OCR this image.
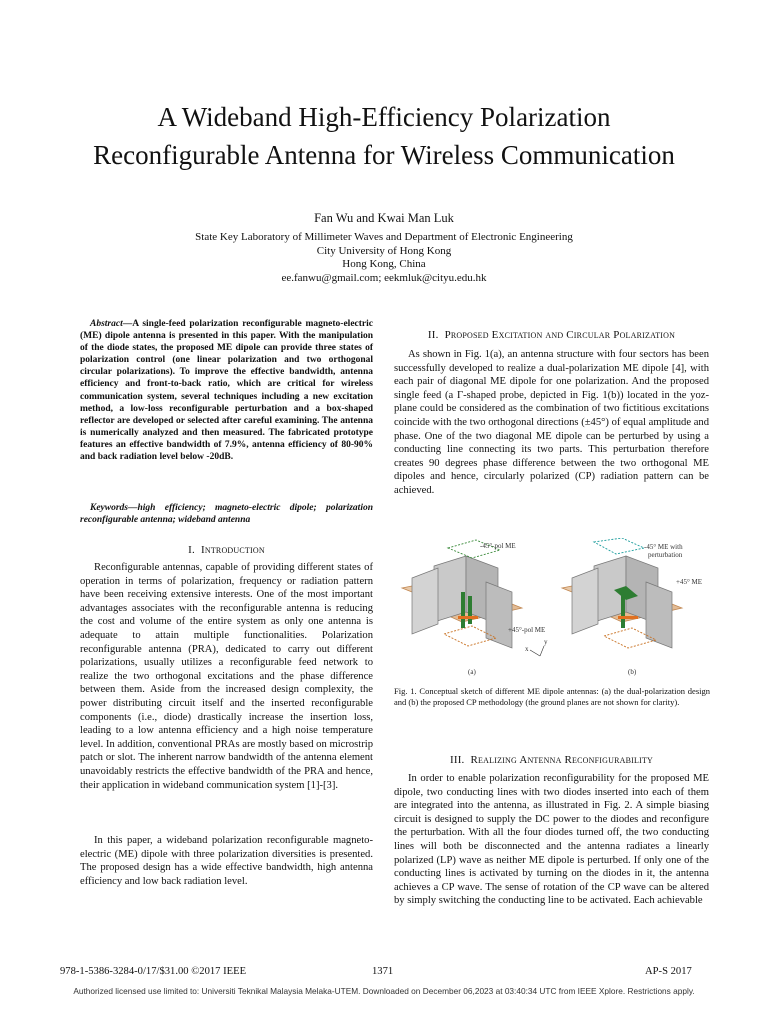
A Wideband High-Efficiency Polarization
Reconfigurable Antenna for Wireless Communication
Fan Wu and Kwai Man Luk
State Key Laboratory of Millimeter Waves and Department of Electronic Engineering
City University of Hong Kong
Hong Kong, China
ee.fanwu@gmail.com; eekmluk@cityu.edu.hk
Abstract—A single-feed polarization reconfigurable magneto-electric (ME) dipole antenna is presented in this paper. With the manipulation of the diode states, the proposed ME dipole can provide three states of polarization control (one linear polarization and two orthogonal circular polarizations). To improve the effective bandwidth, antenna efficiency and front-to-back ratio, which are critical for wireless communication system, several techniques including a new excitation method, a low-loss reconfigurable perturbation and a box-shaped reflector are developed or selected after careful examining. The antenna is numerically analyzed and then measured. The fabricated prototype features an effective bandwidth of 7.9%, antenna efficiency of 80-90% and back radiation level below -20dB.
Keywords—high efficiency; magneto-electric dipole; polarization reconfigurable antenna; wideband antenna
I. Introduction

Reconfigurable antennas, capable of providing different states of operation in terms of polarization, frequency or radiation pattern have been receiving extensive interests. One of the most important advantages associates with the reconfigurable antenna is reducing the cost and volume of the entire system as only one antenna is adequate to attain multiple functionalities. Polarization reconfigurable antenna (PRA), dedicated to carry out different polarizations, usually utilizes a reconfigurable feed network to realize the two orthogonal excitations and the phase difference between them. Aside from the increased design complexity, the power distributing circuit itself and the inserted reconfigurable components (i.e., diode) drastically increase the insertion loss, leading to a low antenna efficiency and a high noise temperature level. In addition, conventional PRAs are mostly based on microstrip patch or slot. The inherent narrow bandwidth of the antenna element unavoidably restricts the effective bandwidth of the PRA and hence, their application in wideband communication system [1]-[3].

In this paper, a wideband polarization reconfigurable magneto-electric (ME) dipole with three polarization diversities is presented. The proposed design has a wide effective bandwidth, high antenna efficiency and low back radiation level.

II. Proposed Excitation and Circular Polarization

As shown in Fig. 1(a), an antenna structure with four sectors has been successfully developed to realize a dual-polarization ME dipole [4], with each pair of diagonal ME dipole for one polarization. And the proposed single feed (a Γ-shaped probe, depicted in Fig. 1(b)) located in the yoz-plane could be considered as the combination of two fictitious excitations coincide with the two orthogonal directions (±45°) of equal amplitude and phase. One of the two diagonal ME dipole can be perturbed by using a conducting line connecting its two parts. This perturbation therefore creates 90 degrees phase difference between the two orthogonal ME dipoles and hence, circularly polarized (CP) radiation pattern can be achieved.

-45°-pol ME
+45°-pol ME
(a)
x
y
-45° ME with
perturbation
+45° ME
(b)
Fig. 1. Conceptual sketch of different ME dipole antennas: (a) the dual-polarization design and (b) the proposed CP methodology (the ground planes are not shown for clarity).
III. Realizing Antenna Reconfigurability

In order to enable polarization reconfigurability for the proposed ME dipole, two conducting lines with two diodes inserted into each of them are integrated into the antenna, as illustrated in Fig. 2. A simple biasing circuit is designed to supply the DC power to the diodes and reconfigure the perturbation. With all the four diodes turned off, the two conducting lines will both be disconnected and the antenna radiates a linearly polarized (LP) wave as neither ME dipole is perturbed. If only one of the conducting lines is activated by turning on the diodes in it, the antenna achieves a CP wave. The sense of rotation of the CP wave can be altered by simply switching the conducting line to be activated. Each achievable

978-1-5386-3284-0/17/$31.00 ©2017 IEEE	1371	AP-S 2017
Authorized licensed use limited to: Universiti Teknikal Malaysia Melaka-UTEM. Downloaded on December 06,2023 at 03:40:34 UTC from IEEE Xplore. Restrictions apply.
